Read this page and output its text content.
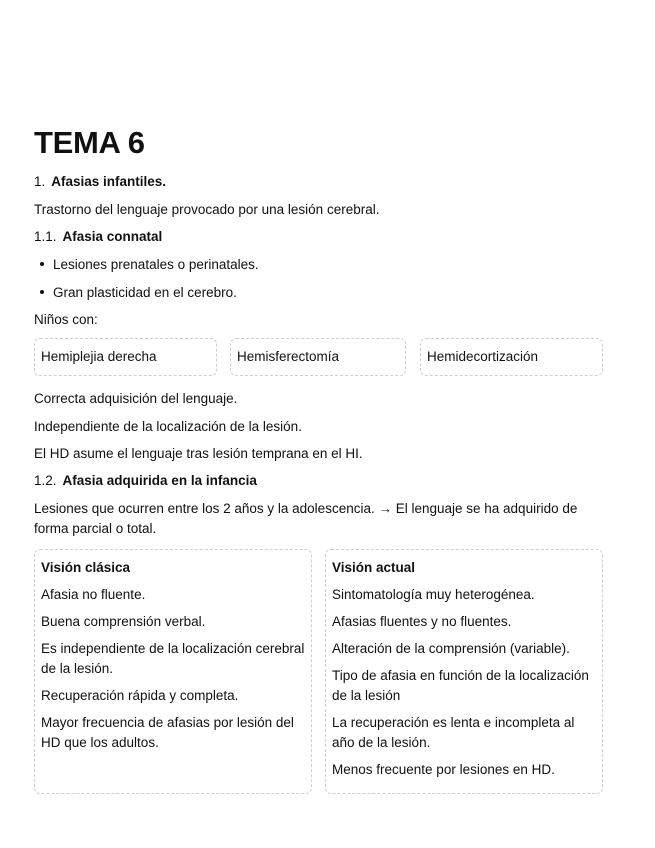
TEMA 6
1. Afasias infantiles.
Trastorno del lenguaje provocado por una lesión cerebral.
1.1. Afasia connatal
Lesiones prenatales o perinatales.
Gran plasticidad en el cerebro.
Niños con:
Hemiplejia derecha	Hemisferectomía	Hemidecortización
Correcta adquisición del lenguaje.
Independiente de la localización de la lesión.
El HD asume el lenguaje tras lesión temprana en el HI.
1.2. Afasia adquirida en la infancia
Lesiones que ocurren entre los 2 años y la adolescencia. → El lenguaje se ha adquirido de forma parcial o total.
Visión clásica
Afasia no fluente.
Buena comprensión verbal.
Es independiente de la localización cerebral de la lesión.
Recuperación rápida y completa.
Mayor frecuencia de afasias por lesión del HD que los adultos.
Visión actual
Sintomatología muy heterogénea.
Afasias fluentes y no fluentes.
Alteración de la comprensión (variable).
Tipo de afasia en función de la localización de la lesión
La recuperación es lenta e incompleta al año de la lesión.
Menos frecuente por lesiones en HD.
